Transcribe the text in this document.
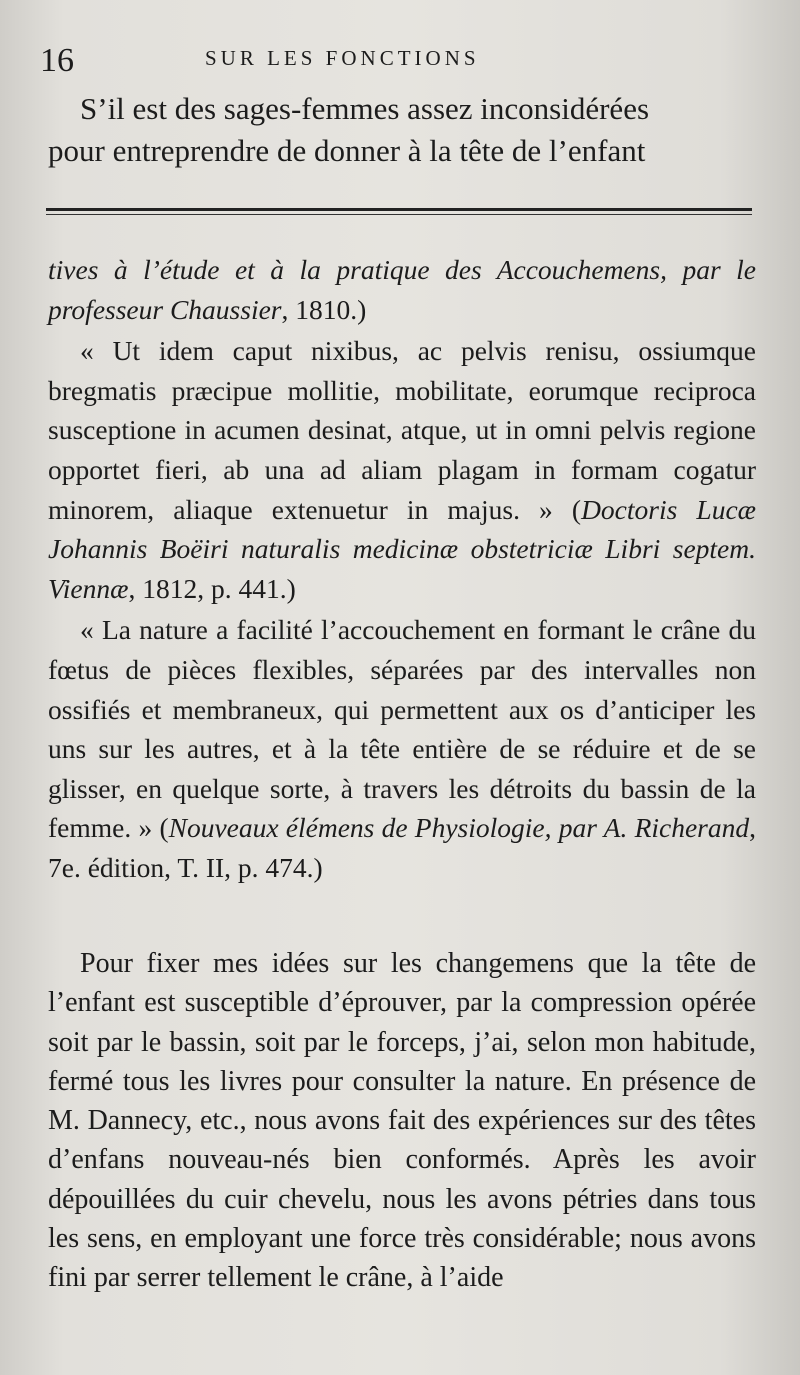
16	SUR LES FONCTIONS
S’il est des sages-femmes assez inconsidérées
pour entreprendre de donner à la tête de l’enfant

tives à l’étude et à la pratique des Accouchemens, par le professeur Chaussier, 1810.)

« Ut idem caput nixibus, ac pelvis renisu, ossiumque bregmatis præcipue mollitie, mobilitate, eorumque reciproca susceptione in acumen desinat, atque, ut in omni pelvis regione opportet fieri, ab una ad aliam plagam in formam cogatur minorem, aliaque extenuetur in majus. » (Doctoris Lucæ Johannis Boëiri naturalis medicinæ obstetriciæ Libri septem. Viennæ, 1812, p. 441.)

« La nature a facilité l’accouchement en formant le crâne du fœtus de pièces flexibles, séparées par des intervalles non ossifiés et membraneux, qui permettent aux os d’anticiper les uns sur les autres, et à la tête entière de se réduire et de se glisser, en quelque sorte, à travers les détroits du bassin de la femme. » (Nouveaux élémens de Physiologie, par A. Richerand, 7e. édition, T. II, p. 474.)

Pour fixer mes idées sur les changemens que la tête de l’enfant est susceptible d’éprouver, par la compression opérée soit par le bassin, soit par le forceps, j’ai, selon mon habitude, fermé tous les livres pour consulter la nature. En présence de M. Dannecy, etc., nous avons fait des expériences sur des têtes d’enfans nouveau-nés bien conformés. Après les avoir dépouillées du cuir chevelu, nous les avons pétries dans tous les sens, en employant une force très considérable; nous avons fini par serrer tellement le crâne, à l’aide
